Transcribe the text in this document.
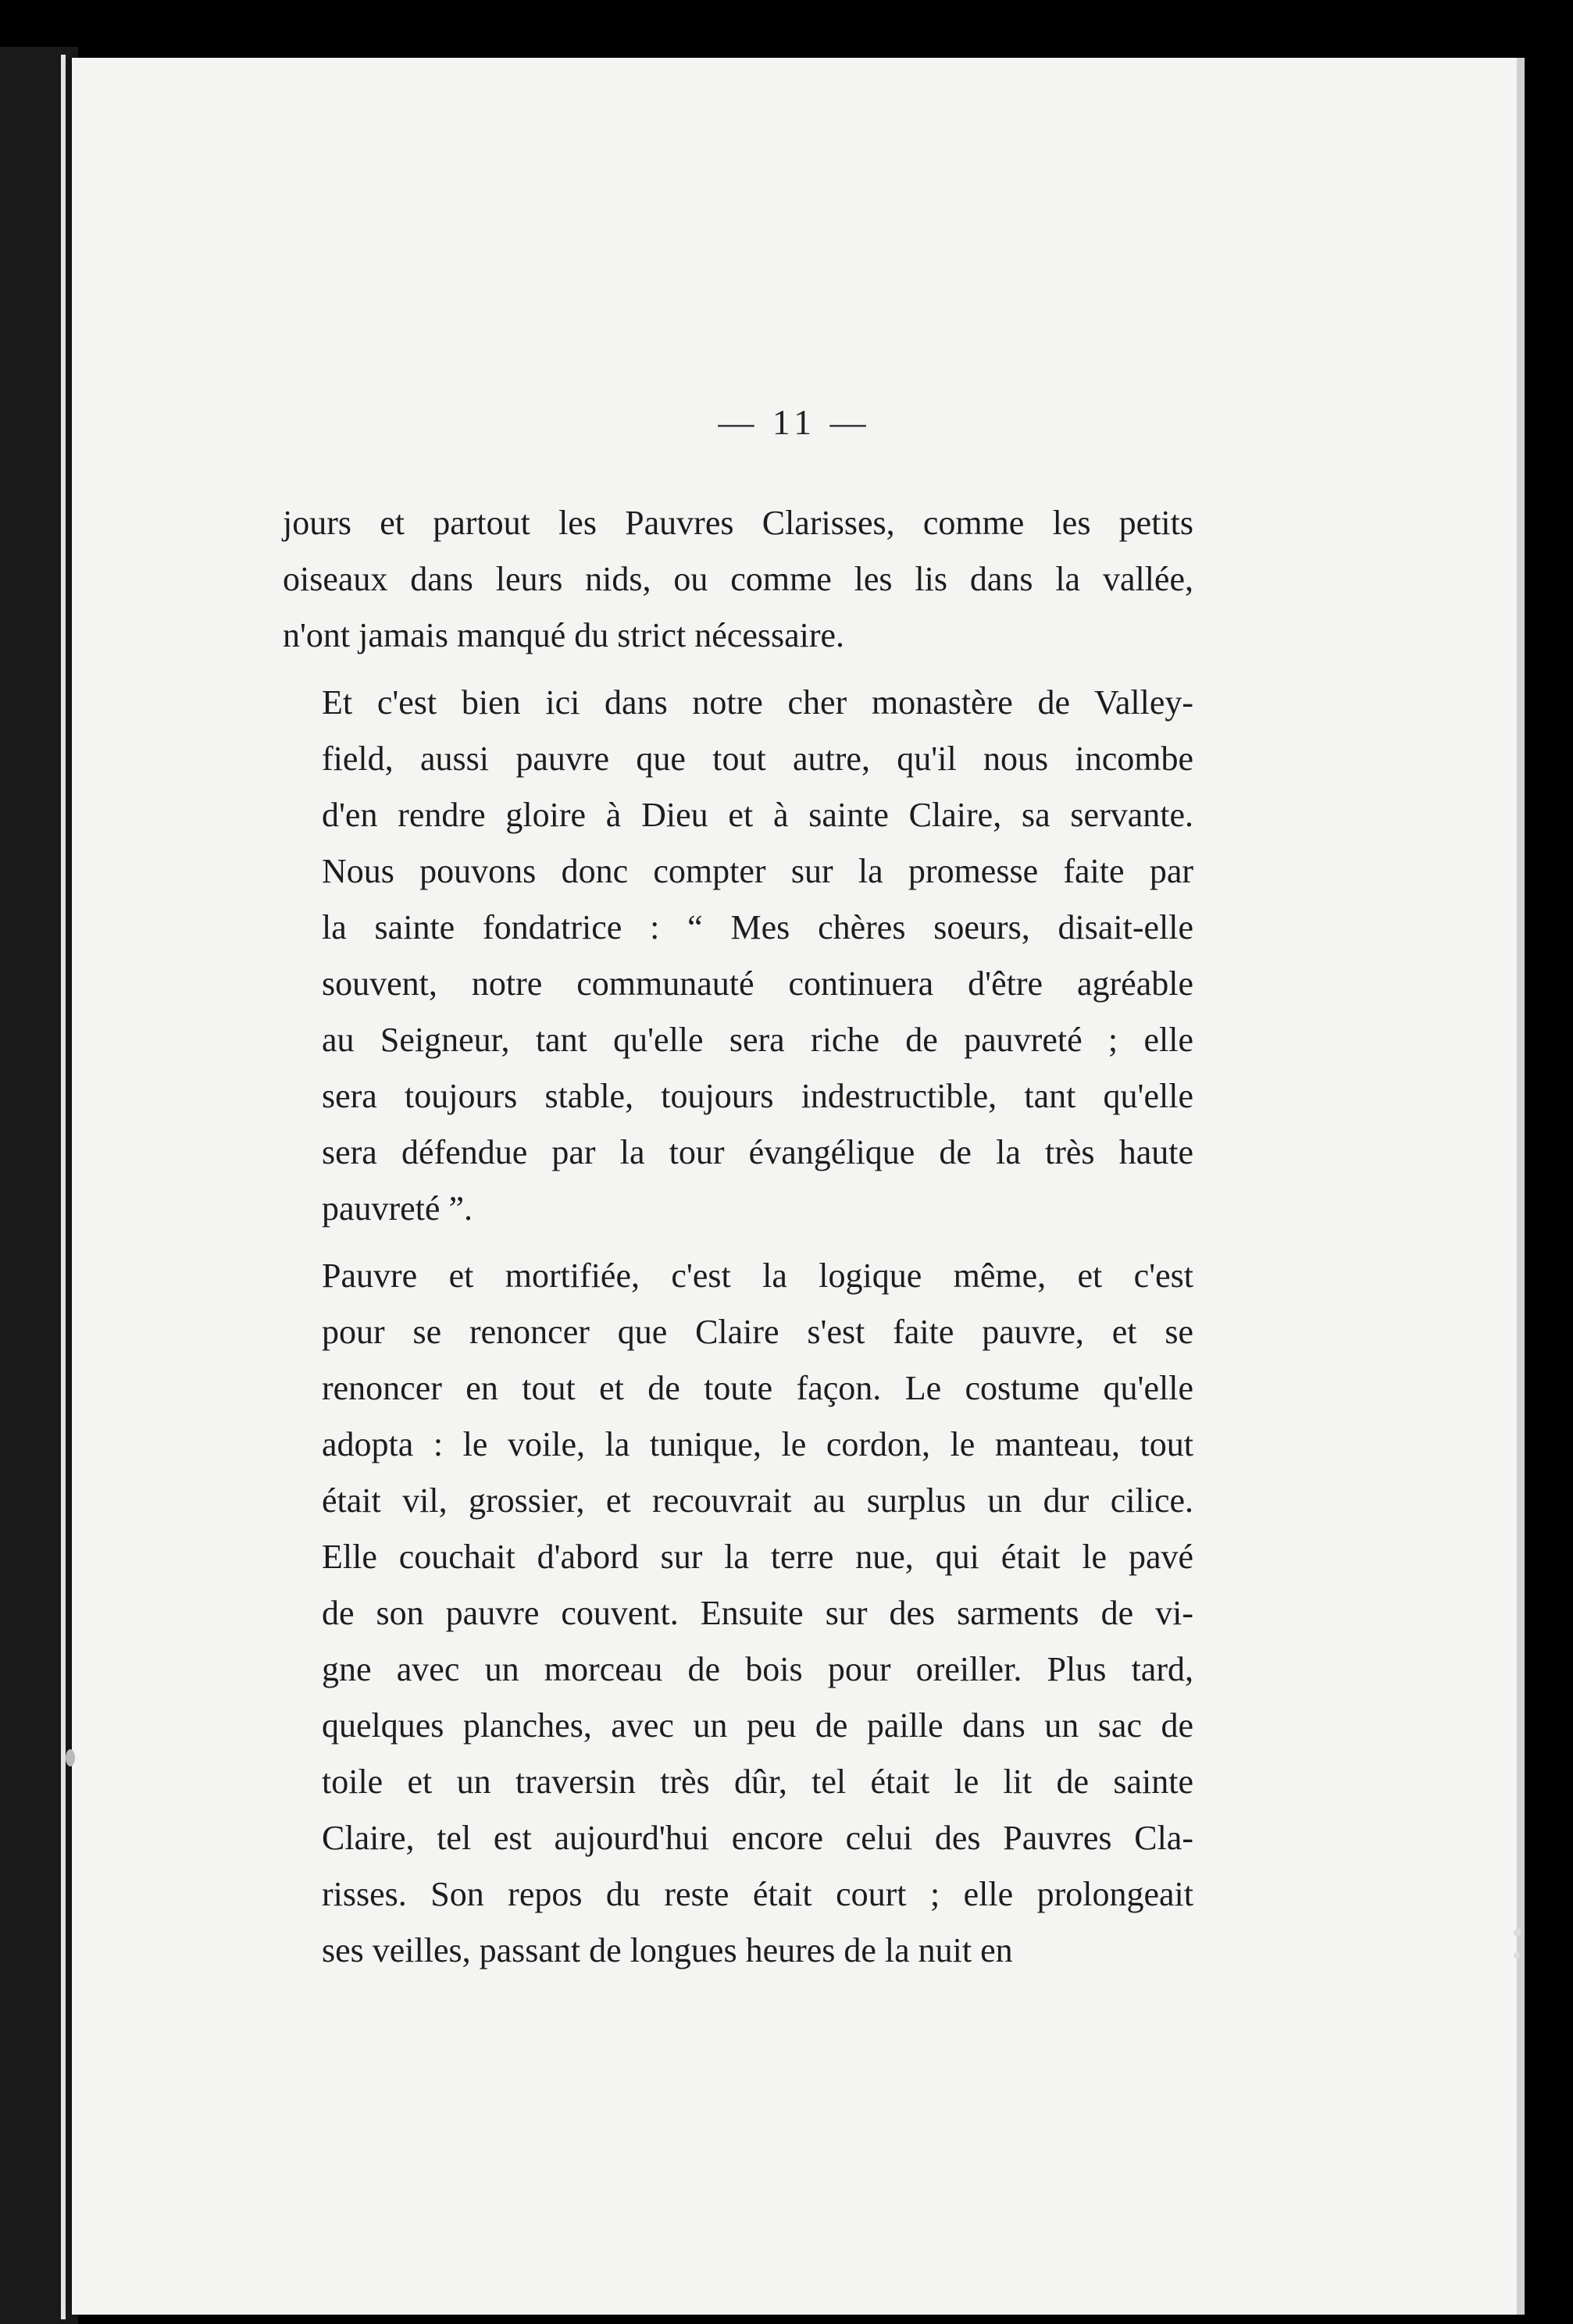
— 11 —

jours et partout les Pauvres Clarisses, comme les petits
oiseaux dans leurs nids, ou comme les lis dans la vallée,
n'ont jamais manqué du strict nécessaire.

Et c'est bien ici dans notre cher monastère de Valley-
field, aussi pauvre que tout autre, qu'il nous incombe
d'en rendre gloire à Dieu et à sainte Claire, sa servante.
Nous pouvons donc compter sur la promesse faite par
la sainte fondatrice : “ Mes chères soeurs, disait-elle
souvent, notre communauté continuera d'être agréable
au Seigneur, tant qu'elle sera riche de pauvreté ; elle
sera toujours stable, toujours indestructible, tant qu'elle
sera défendue par la tour évangélique de la très haute
pauvreté ”.

Pauvre et mortifiée, c'est la logique même, et c'est
pour se renoncer que Claire s'est faite pauvre, et se
renoncer en tout et de toute façon. Le costume qu'elle
adopta : le voile, la tunique, le cordon, le manteau, tout
était vil, grossier, et recouvrait au surplus un dur cilice.
Elle couchait d'abord sur la terre nue, qui était le pavé
de son pauvre couvent. Ensuite sur des sarments de vi-
gne avec un morceau de bois pour oreiller. Plus tard,
quelques planches, avec un peu de paille dans un sac de
toile et un traversin très dûr, tel était le lit de sainte
Claire, tel est aujourd'hui encore celui des Pauvres Cla-
risses. Son repos du reste était court ; elle prolongeait
ses veilles, passant de longues heures de la nuit en
